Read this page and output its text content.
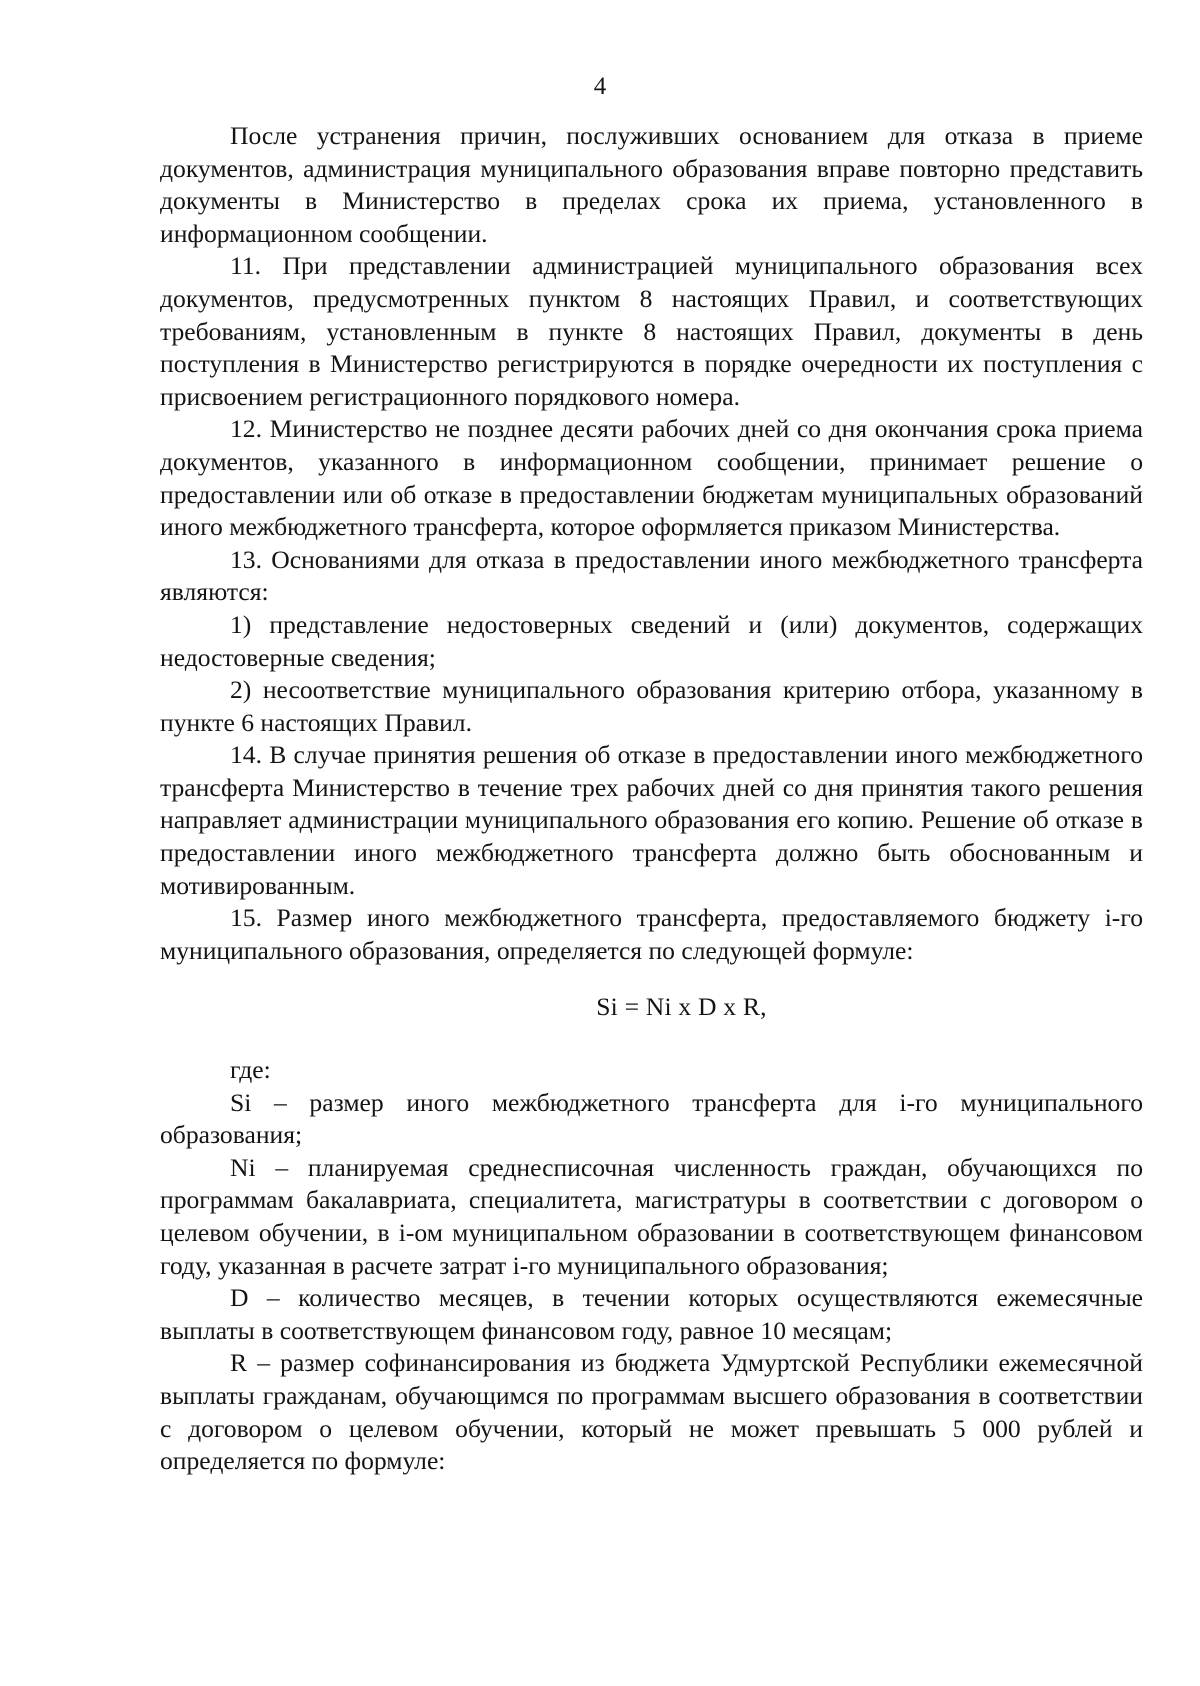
4

После устранения причин, послуживших основанием для отказа в приеме документов, администрация муниципального образования вправе повторно представить документы в Министерство в пределах срока их приема, установленного в информационном сообщении.

11. При представлении администрацией муниципального образования всех документов, предусмотренных пунктом 8 настоящих Правил, и соответствующих требованиям, установленным в пункте 8 настоящих Правил, документы в день поступления в Министерство регистрируются в порядке очередности их поступления с присвоением регистрационного порядкового номера.

12. Министерство не позднее десяти рабочих дней со дня окончания срока приема документов, указанного в информационном сообщении, принимает решение о предоставлении или об отказе в предоставлении бюджетам муниципальных образований иного межбюджетного трансферта, которое оформляется приказом Министерства.

13. Основаниями для отказа в предоставлении иного межбюджетного трансферта являются:

1) представление недостоверных сведений и (или) документов, содержащих недостоверные сведения;

2) несоответствие муниципального образования критерию отбора, указанному в пункте 6 настоящих Правил.

14. В случае принятия решения об отказе в предоставлении иного межбюджетного трансферта Министерство в течение трех рабочих дней со дня принятия такого решения направляет администрации муниципального образования его копию. Решение об отказе в предоставлении иного межбюджетного трансферта должно быть обоснованным и мотивированным.

15. Размер иного межбюджетного трансферта, предоставляемого бюджету i-го муниципального образования, определяется по следующей формуле:

Si = Ni x D x R,

где:

Si – размер иного межбюджетного трансферта для i-го муниципального образования;

Ni – планируемая среднесписочная численность граждан, обучающихся по программам бакалавриата, специалитета, магистратуры в соответствии с договором о целевом обучении, в i-ом муниципальном образовании в соответствующем финансовом году, указанная в расчете затрат i-го муниципального образования;

D – количество месяцев, в течении которых осуществляются ежемесячные выплаты в соответствующем финансовом году, равное 10 месяцам;

R – размер софинансирования из бюджета Удмуртской Республики ежемесячной выплаты гражданам, обучающимся по программам высшего образования в соответствии с договором о целевом обучении, который не может превышать 5 000 рублей и определяется по формуле:
